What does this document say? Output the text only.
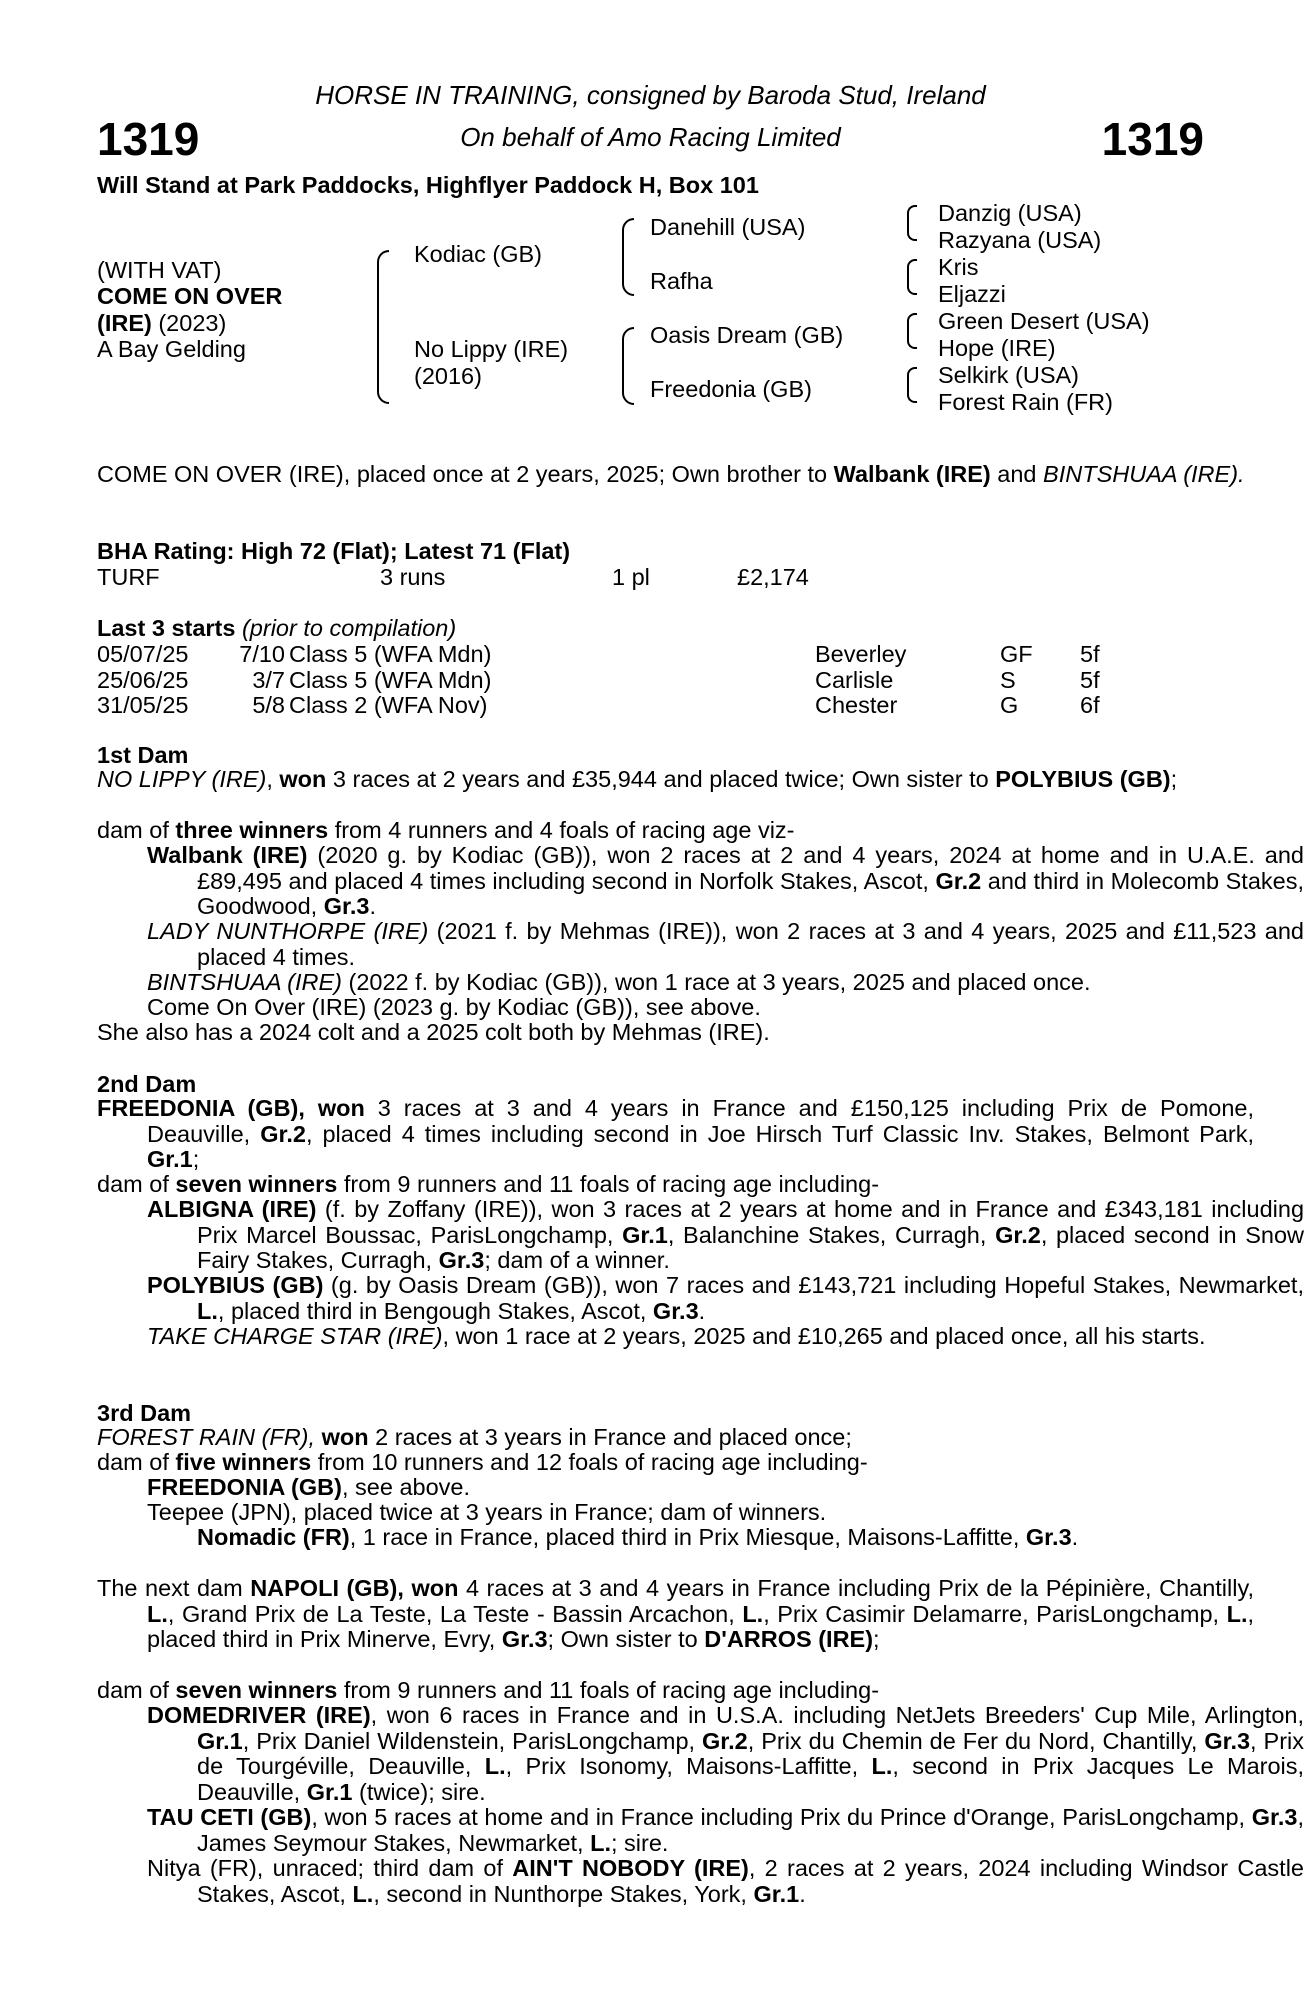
1319	1319
HORSE IN TRAINING, consigned by Baroda Stud, Ireland
On behalf of Amo Racing Limited
Will Stand at Park Paddocks, Highflyer Paddock H, Box 101
(WITH VAT)
COME ON OVER
(IRE) (2023)
A Bay Gelding
Kodiac (GB)
No Lippy (IRE)
(2016)
Danehill (USA)
Rafha
Oasis Dream (GB)
Freedonia (GB)
Danzig (USA)
Razyana (USA)
Kris
Eljazzi
Green Desert (USA)
Hope (IRE)
Selkirk (USA)
Forest Rain (FR)
COME ON OVER (IRE), placed once at 2 years, 2025; Own brother to Walbank (IRE) and BINTSHUAA (IRE).
BHA Rating: High 72 (Flat); Latest 71 (Flat)
TURF	3 runs	1 pl	£2,174
Last 3 starts (prior to compilation)
05/07/25	7/10 Class 5 (WFA Mdn)	Beverley	GF 5f
25/06/25	3/7 Class 5 (WFA Mdn)	Carlisle	S	5f
31/05/25	5/8 Class 2 (WFA Nov)	Chester	G	6f
1st Dam
NO LIPPY (IRE), won 3 races at 2 years and £35,944 and placed twice; Own sister to POLYBIUS (GB);
dam of three winners from 4 runners and 4 foals of racing age viz-
Walbank (IRE) (2020 g. by Kodiac (GB)), won 2 races at 2 and 4 years, 2024 at home and in U.A.E. and £89,495 and placed 4 times including second in Norfolk Stakes, Ascot, Gr.2 and third in Molecomb Stakes, Goodwood, Gr.3.
LADY NUNTHORPE (IRE) (2021 f. by Mehmas (IRE)), won 2 races at 3 and 4 years, 2025 and £11,523 and placed 4 times.
BINTSHUAA (IRE) (2022 f. by Kodiac (GB)), won 1 race at 3 years, 2025 and placed once.
Come On Over (IRE) (2023 g. by Kodiac (GB)), see above.
She also has a 2024 colt and a 2025 colt both by Mehmas (IRE).
2nd Dam
FREEDONIA (GB), won 3 races at 3 and 4 years in France and £150,125 including Prix de Pomone, Deauville, Gr.2, placed 4 times including second in Joe Hirsch Turf Classic Inv. Stakes, Belmont Park, Gr.1;
dam of seven winners from 9 runners and 11 foals of racing age including-
ALBIGNA (IRE) (f. by Zoffany (IRE)), won 3 races at 2 years at home and in France and £343,181 including Prix Marcel Boussac, ParisLongchamp, Gr.1, Balanchine Stakes, Curragh, Gr.2, placed second in Snow Fairy Stakes, Curragh, Gr.3; dam of a winner.
POLYBIUS (GB) (g. by Oasis Dream (GB)), won 7 races and £143,721 including Hopeful Stakes, Newmarket, L., placed third in Bengough Stakes, Ascot, Gr.3.
TAKE CHARGE STAR (IRE), won 1 race at 2 years, 2025 and £10,265 and placed once, all his starts.
3rd Dam
FOREST RAIN (FR), won 2 races at 3 years in France and placed once;
dam of five winners from 10 runners and 12 foals of racing age including-
FREEDONIA (GB), see above.
Teepee (JPN), placed twice at 3 years in France; dam of winners.
Nomadic (FR), 1 race in France, placed third in Prix Miesque, Maisons-Laffitte, Gr.3.
The next dam NAPOLI (GB), won 4 races at 3 and 4 years in France including Prix de la Pépinière, Chantilly, L., Grand Prix de La Teste, La Teste - Bassin Arcachon, L., Prix Casimir Delamarre, ParisLongchamp, L., placed third in Prix Minerve, Evry, Gr.3; Own sister to D'ARROS (IRE);
dam of seven winners from 9 runners and 11 foals of racing age including-
DOMEDRIVER (IRE), won 6 races in France and in U.S.A. including NetJets Breeders' Cup Mile, Arlington, Gr.1, Prix Daniel Wildenstein, ParisLongchamp, Gr.2, Prix du Chemin de Fer du Nord, Chantilly, Gr.3, Prix de Tourgéville, Deauville, L., Prix Isonomy, Maisons-Laffitte, L., second in Prix Jacques Le Marois, Deauville, Gr.1 (twice); sire.
TAU CETI (GB), won 5 races at home and in France including Prix du Prince d'Orange, ParisLongchamp, Gr.3, James Seymour Stakes, Newmarket, L.; sire.
Nitya (FR), unraced; third dam of AIN'T NOBODY (IRE), 2 races at 2 years, 2024 including Windsor Castle Stakes, Ascot, L., second in Nunthorpe Stakes, York, Gr.1.
